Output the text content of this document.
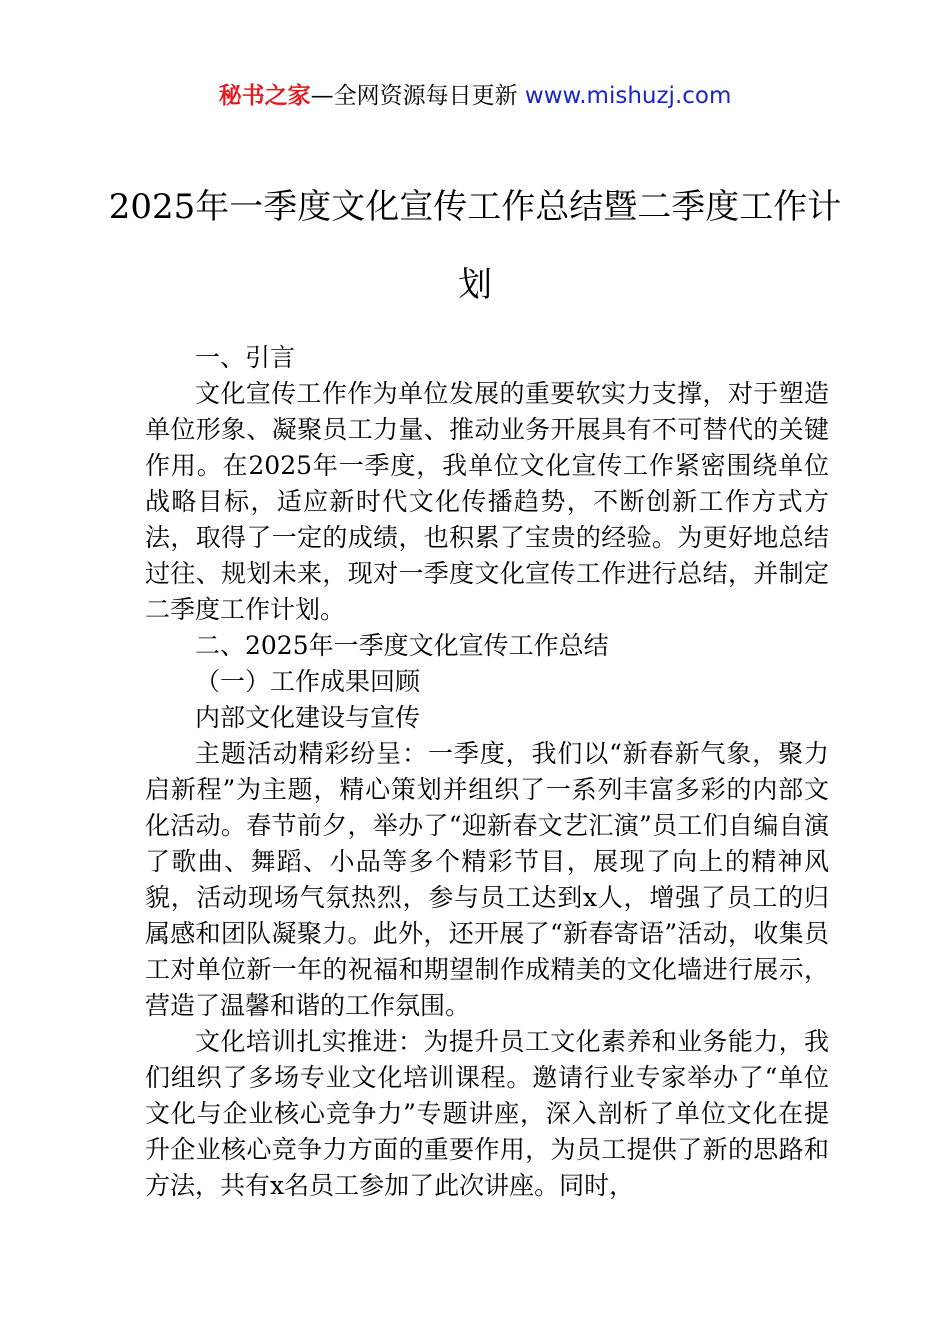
秘书之家—全网资源每日更新 www.mishuzj.com
2025年一季度文化宣传工作总结暨二季度工作计划

一、引言

文化宣传工作作为单位发展的重要软实力支撑，对于塑造单位形象、凝聚员工力量、推动业务开展具有不可替代的关键作用。在2025年一季度，我单位文化宣传工作紧密围绕单位战略目标，适应新时代文化传播趋势，不断创新工作方式方法，取得了一定的成绩，也积累了宝贵的经验。为更好地总结过往、规划未来，现对一季度文化宣传工作进行总结，并制定二季度工作计划。

二、2025年一季度文化宣传工作总结

（一）工作成果回顾

内部文化建设与宣传

主题活动精彩纷呈：一季度，我们以“新春新气象，聚力启新程”为主题，精心策划并组织了一系列丰富多彩的内部文化活动。春节前夕，举办了“迎新春文艺汇演”员工们自编自演了歌曲、舞蹈、小品等多个精彩节目，展现了向上的精神风貌，活动现场气氛热烈，参与员工达到x人，增强了员工的归属感和团队凝聚力。此外，还开展了“新春寄语”活动，收集员工对单位新一年的祝福和期望制作成精美的文化墙进行展示，营造了温馨和谐的工作氛围。

文化培训扎实推进：为提升员工文化素养和业务能力，我们组织了多场专业文化培训课程。邀请行业专家举办了“单位文化与企业核心竞争力”专题讲座，深入剖析了单位文化在提升企业核心竞争力方面的重要作用，为员工提供了新的思路和方法，共有x名员工参加了此次讲座。同时，
